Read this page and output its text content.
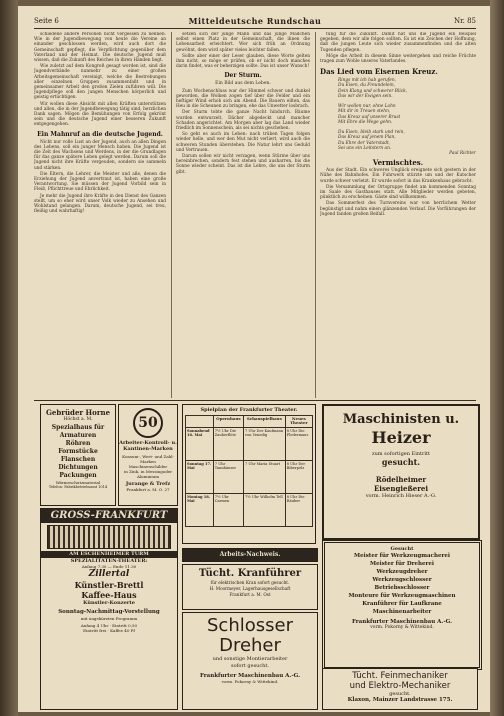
Seite 6	Mitteldeutsche Rundschau	Nr. 85

schiedene andere Personen nicht vergessen zu nennen. Wie in der Jugendbewegung von heute die Vereine an einander geschlossen werden, wird auch dort die Gemeinschaft gepflegt, die Verpflichtung gegenüber dem Vaterland und der Heimat. Die deutsche Jugend muß wissen, daß die Zukunft des Reiches in ihren Händen liegt.

Wie zuletzt auf dem Kongreß gesagt worden ist, sind die Jugendverbände nunmehr zu einer großen Arbeitsgemeinschaft vereinigt, welche die Bestrebungen aller einzelnen Gruppen zusammenfaßt und in gemeinsamer Arbeit den großen Zielen zuführen will. Die Jugendpflege soll den jungen Menschen körperlich und geistig ertüchtigen.

Wir wollen diese Absicht mit allen Kräften unterstützen und allen, die in der Jugendbewegung tätig sind, herzlichen Dank sagen. Mögen die Bemühungen von Erfolg gekrönt sein und die deutsche Jugend einer besseren Zukunft entgegengehen.

Ein Mahnruf an die deutsche Jugend.

Nicht nur volle Lust an der Jugend, auch an allen Dingen des Lebens, soll ein junger Mensch haben. Die Jugend ist die Zeit des Wachsens und Werdens, in der die Grundlagen für das ganze spätere Leben gelegt werden. Darum soll die Jugend nicht ihre Kräfte vergeuden, sondern sie sammeln und stärken.

Die Eltern, die Lehrer, die Meister und alle, denen die Erziehung der Jugend anvertraut ist, haben eine große Verantwortung. Sie müssen der Jugend Vorbild sein in Fleiß, Pflichttreue und Ehrlichkeit.

Je mehr die Jugend ihre Kräfte in den Dienst des Ganzen stellt, um so eher wird unser Volk wieder zu Ansehen und Wohlstand gelangen. Darum, deutsche Jugend, sei treu, fleißig und wahrhaftig!

setzen sich der junge Mann und das junge Mädchen selbst einen Platz in der Gemeinschaft, die ihnen die Lebensarbeit erleichtert. Wer sich früh an Ordnung gewöhnt, dem wird später vieles leichter fallen.

Sollte aber einer der Leser glauben, diese Worte gelten ihm nicht, so möge er prüfen, ob er nicht doch manches darin findet, was er beherzigen sollte. Das ist unser Wunsch!

Der Sturm.
Ein Bild aus dem Leben.

Zum Wochenschluss war der Himmel schwer und dunkel geworden, die Wolken zogen tief über die Felder und ein heftiger Wind erhob sich am Abend. Die Bauern eilten, das Heu in die Scheunen zu bringen, ehe das Unwetter losbrach.

Der Sturm tobte die ganze Nacht hindurch. Bäume wurden entwurzelt, Dächer abgedeckt und mancher Schaden angerichtet. Am Morgen aber lag das Land wieder friedlich im Sonnenschein, als sei nichts geschehen.

So geht es auch im Leben: nach trüben Tagen folgen wieder helle, und wer den Mut nicht verliert, wird auch die schweren Stunden überstehen. Die Natur lehrt uns Geduld und Vertrauen.

Darum sollen wir nicht verzagen, wenn Stürme über uns hereinbrechen, sondern fest stehen und ausharren, bis die Sonne wieder scheint. Das ist die Lehre, die uns der Sturm gibt.

tung für die Zukunft. Damit hat uns die Jugend ein Beispiel gegeben, dem wir alle folgen sollten. Es ist ein Zeichen der Hoffnung, daß die jungen Leute sich wieder zusammenfinden und die alten Tugenden pflegen.

Möge die Arbeit in diesem Sinne weitergehen und reiche Früchte tragen zum Wohle unseres Vaterlandes.

Das Lied vom Eisernen Kreuz.
Rings mit ich hab gerufen,
Du Eisen, du Freundelein,
Dein Klang und schwerer Blick,
Das wir der Ewigen sein.

Wir wollen nur, ohne Lohn
Mit dir in Treuen stehn,
Das Kreuz auf unserer Brust
Mit Ehre die Wege gehn.

Du Eisen, bleib stark und rein,
Das Kreuz auf jenem Plan,
Du Ehre der Vaterstadt,
Sei uns ein Leitstern an.
Paul Richter
Vermischtes.

Aus der Stadt. Ein schweres Unglück ereignete sich gestern in der Nähe des Bahnhofes. Ein Fuhrwerk stürzte um und der Kutscher wurde schwer verletzt. Er wurde sofort in das Krankenhaus gebracht.

Die Versammlung der Ortsgruppe findet am kommenden Sonntag im Saale des Gasthauses statt. Alle Mitglieder werden gebeten, pünktlich zu erscheinen. Gäste sind willkommen.

Das Sommerfest des Turnvereins war von herrlichem Wetter begünstigt und nahm einen glänzenden Verlauf. Die Vorführungen der Jugend fanden großen Beifall.

Gebrüder Horne
Höchst a. M.
Spezialhaus für
Armaturen
Röhren
Formstücke
Flanschen
Dichtungen
Packungen
Wärmeschutzmaterial
Telefon: Fabrikbetriebsamt 1014
50
Arbeiter-Kontroll- u. Kantinen-Marken
Konsum-, Wert- und Zahl-Marken
Maschinenschilder
in Zink, in Messingoder Aluminium
Jurange & Trefz
Frankfurt a. M. O. 27
Spielplan der Frankfurter Theater.
	Opernhaus	Schauspielhaus	Neues Theater
Sonnabend 16. Mai	7½ Uhr Die Zauberflöte	7 Uhr Der Kaufmann von Venedig	8 Uhr Die Fledermaus
Sonntag 17. Mai	7 Uhr Tannhäuser	7 Uhr Maria Stuart	8 Uhr Der Biberpelz
Montag 18. Mai	7½ Uhr Carmen	7½ Uhr Wilhelm Tell	8 Uhr Die Räuber
GROSS-FRANKFURT
AM ESCHENHEIMER TURM
SPEZIALITÄTEN-THEATER:
Anfang 7.30 — Ende 11.30
Zillertal
Künstler-Brettl
Kaffee-Haus
Künstler-Konzerte
Sonntag-Nachmittag-Vorstellung
mit ungekürzten Programm
Anfang 4 Uhr · Eintritt 0,50
Eintritt frei · Kaffee 40 Pf
Arbeits-Nachweis.
Tücht. Kranführer
für elektrischen Kran sofort gesucht.
H. Moormeyer, Lagerhausgesellschaft
Frankfurt a. M. Ost
Schlosser
Dreher
und sonstige Montierarbeiter
sofort gesucht.
Frankfurter Maschinenbau A.-G.
vorm. Pokorny & Wittekind.
Maschinisten u.
Heizer
zum sofortigen Eintritt
gesucht.
Rödelheimer
Eisengießerei
vorm. Heinrich Hieser A.-G.
Gesucht
Meister für Werkzeugmacherei
Meister für Dreherei
Werkzeugdreher
Werkzeugschlosser
Betriebsschlosser
Monteure für Werkzeugmaschinen
Kranführer für Laufkrane
Maschinenarbeiter
Frankfurter Maschinenbau A.-G.
vorm. Pokorny & Wittekind.
Tücht. Feinmechaniker
und Elektro-Mechaniker
gesucht.
Klaxon, Mainzer Landstrasse 175.
